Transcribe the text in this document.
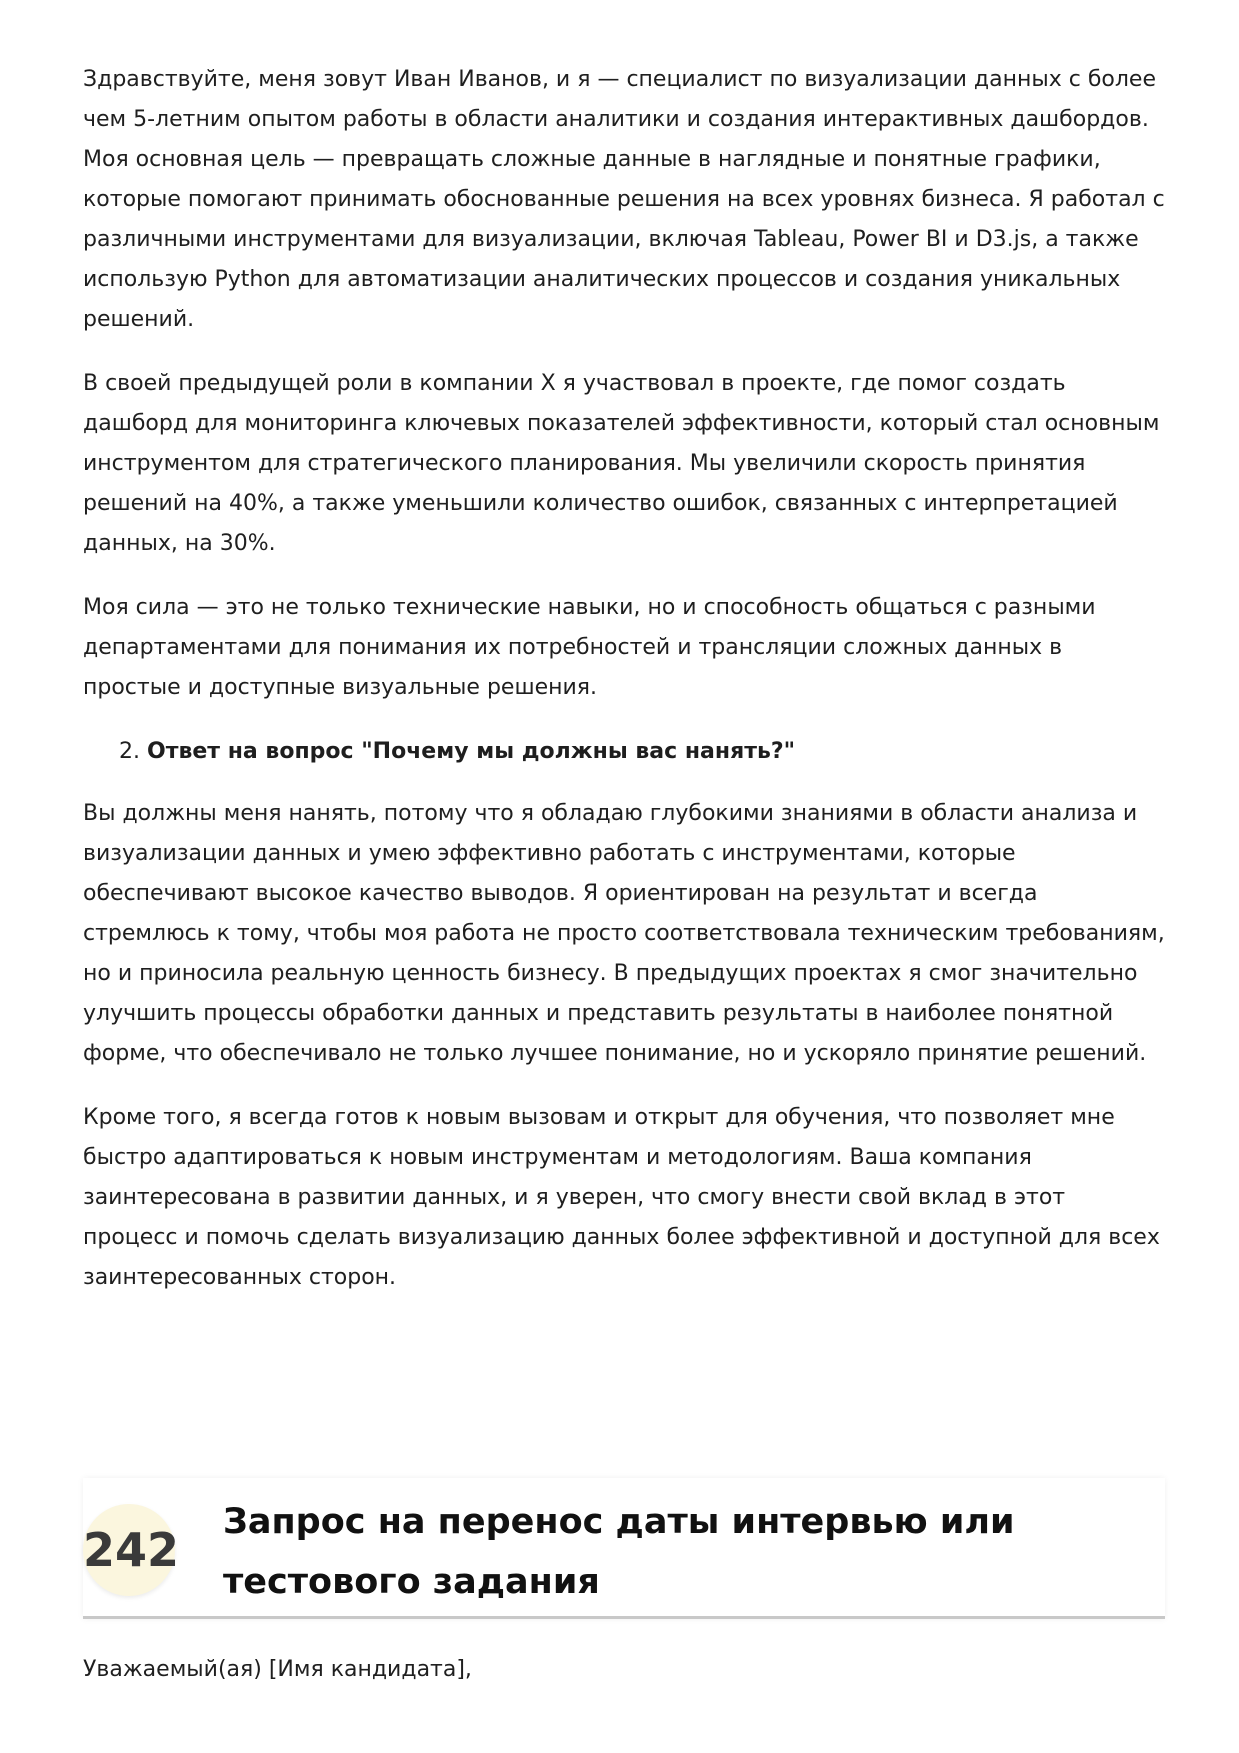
Здравствуйте, меня зовут Иван Иванов, и я — специалист по визуализации данных с более чем 5-летним опытом работы в области аналитики и создания интерактивных дашбордов. Моя основная цель — превращать сложные данные в наглядные и понятные графики, которые помогают принимать обоснованные решения на всех уровнях бизнеса. Я работал с различными инструментами для визуализации, включая Tableau, Power BI и D3.js, а также использую Python для автоматизации аналитических процессов и создания уникальных решений.

В своей предыдущей роли в компании X я участвовал в проекте, где помог создать дашборд для мониторинга ключевых показателей эффективности, который стал основным инструментом для стратегического планирования. Мы увеличили скорость принятия решений на 40%, а также уменьшили количество ошибок, связанных с интерпретацией данных, на 30%.

Моя сила — это не только технические навыки, но и способность общаться с разными департаментами для понимания их потребностей и трансляции сложных данных в простые и доступные визуальные решения.

2. Ответ на вопрос "Почему мы должны вас нанять?"

Вы должны меня нанять, потому что я обладаю глубокими знаниями в области анализа и визуализации данных и умею эффективно работать с инструментами, которые обеспечивают высокое качество выводов. Я ориентирован на результат и всегда стремлюсь к тому, чтобы моя работа не просто соответствовала техническим требованиям, но и приносила реальную ценность бизнесу. В предыдущих проектах я смог значительно улучшить процессы обработки данных и представить результаты в наиболее понятной форме, что обеспечивало не только лучшее понимание, но и ускоряло принятие решений.

Кроме того, я всегда готов к новым вызовам и открыт для обучения, что позволяет мне быстро адаптироваться к новым инструментам и методологиям. Ваша компания заинтересована в развитии данных, и я уверен, что смогу внести свой вклад в этот процесс и помочь сделать визуализацию данных более эффективной и доступной для всех заинтересованных сторон.

242
Запрос на перенос даты интервью или тестового задания
Уважаемый(ая) [Имя кандидата],
